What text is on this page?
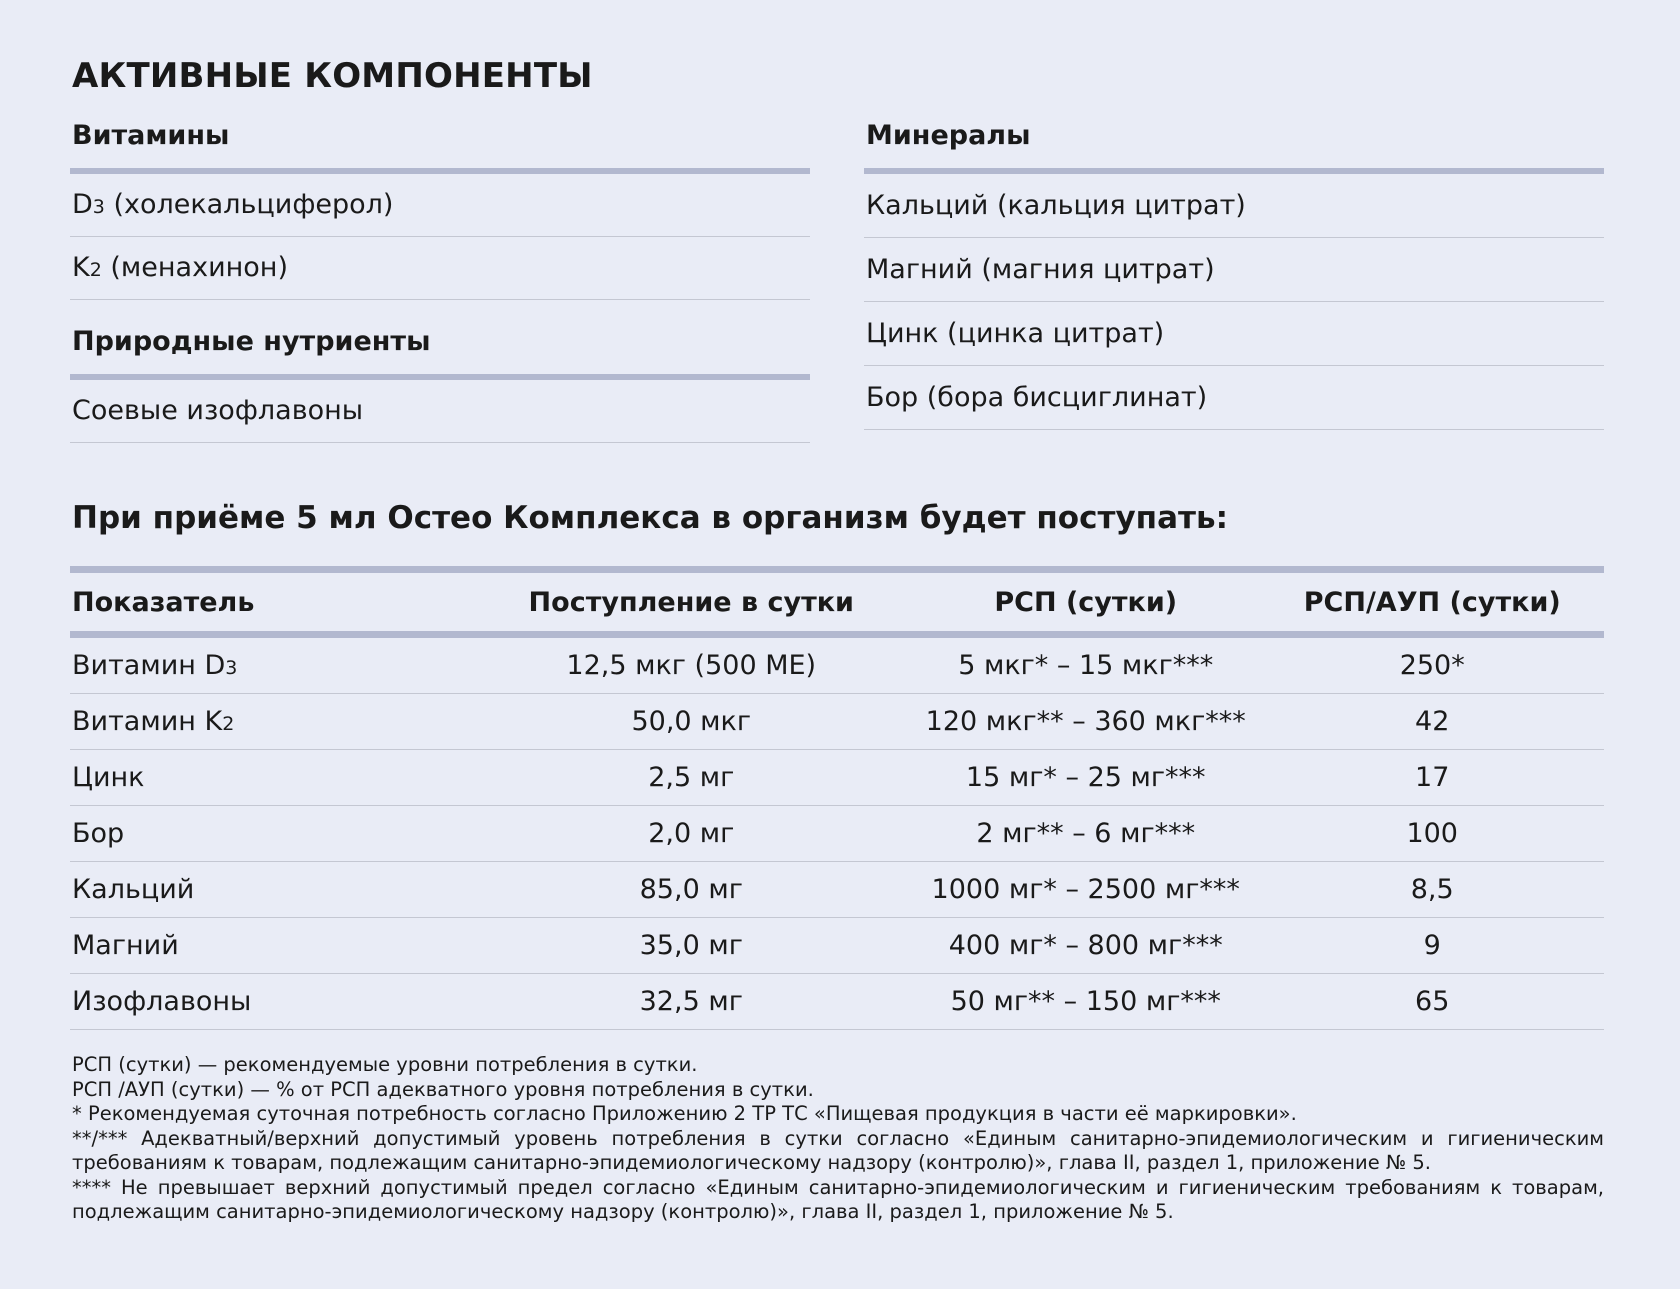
АКТИВНЫЕ КОМПОНЕНТЫ
Витамины
D3 (холекальциферол)
K2 (менахинон)
Природные нутриенты
Соевые изофлавоны
Минералы
Кальций (кальция цитрат)
Магний (магния цитрат)
Цинк (цинка цитрат)
Бор (бора бисциглинат)
При приёме 5 мл Остео Комплекса в организм будет поступать:
Показатель	Поступление в сутки	РСП (сутки)	РСП/АУП (сутки)
Витамин D3	12,5 мкг (500 МЕ)	5 мкг* – 15 мкг***	250*
Витамин K2	50,0 мкг	120 мкг** – 360 мкг***	42
Цинк	2,5 мг	15 мг* – 25 мг***	17
Бор	2,0 мг	2 мг** – 6 мг***	100
Кальций	85,0 мг	1000 мг* – 2500 мг***	8,5
Магний	35,0 мг	400 мг* – 800 мг***	9
Изофлавоны	32,5 мг	50 мг** – 150 мг***	65

РСП (сутки) — рекомендуемые уровни потребления в сутки.

РСП /АУП (сутки) — % от РСП адекватного уровня потребления в сутки.

* Рекомендуемая суточная потребность согласно Приложению 2 ТР ТС «Пищевая продукция в части её маркировки».

**/*** Адекватный/верхний допустимый уровень потребления в сутки согласно «Единым санитарно-эпидемиологическим и гигиеническим требованиям к товарам, подлежащим санитарно-эпидемиологическому надзору (контролю)», глава II, раздел 1, приложение № 5.

**** Не превышает верхний допустимый предел согласно «Единым санитарно-эпидемиологическим и гигиеническим требованиям к товарам, подлежащим санитарно-эпидемиологическому надзору (контролю)», глава II, раздел 1, приложение № 5.
